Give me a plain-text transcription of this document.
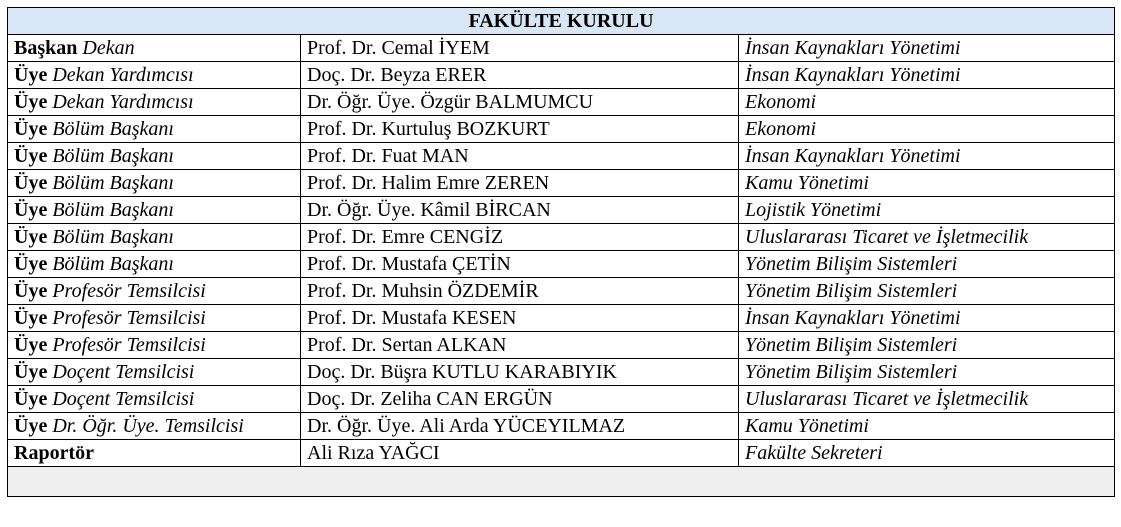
FAKÜLTE KURULU		
Başkan Dekan	Prof. Dr. Cemal İYEM	İnsan Kaynakları Yönetimi
Üye Dekan Yardımcısı	Doç. Dr. Beyza ERER	İnsan Kaynakları Yönetimi
Üye Dekan Yardımcısı	Dr. Öğr. Üye. Özgür BALMUMCU	Ekonomi
Üye Bölüm Başkanı	Prof. Dr. Kurtuluş BOZKURT	Ekonomi
Üye Bölüm Başkanı	Prof. Dr. Fuat MAN	İnsan Kaynakları Yönetimi
Üye Bölüm Başkanı	Prof. Dr. Halim Emre ZEREN	Kamu Yönetimi
Üye Bölüm Başkanı	Dr. Öğr. Üye. Kâmil BİRCAN	Lojistik Yönetimi
Üye Bölüm Başkanı	Prof. Dr. Emre CENGİZ	Uluslararası Ticaret ve İşletmecilik
Üye Bölüm Başkanı	Prof. Dr. Mustafa ÇETİN	Yönetim Bilişim Sistemleri
Üye Profesör Temsilcisi	Prof. Dr. Muhsin ÖZDEMİR	Yönetim Bilişim Sistemleri
Üye Profesör Temsilcisi	Prof. Dr. Mustafa KESEN	İnsan Kaynakları Yönetimi
Üye Profesör Temsilcisi	Prof. Dr. Sertan ALKAN	Yönetim Bilişim Sistemleri
Üye Doçent Temsilcisi	Doç. Dr. Büşra KUTLU KARABIYIK	Yönetim Bilişim Sistemleri
Üye Doçent Temsilcisi	Doç. Dr. Zeliha CAN ERGÜN	Uluslararası Ticaret ve İşletmecilik
Üye Dr. Öğr. Üye. Temsilcisi	Dr. Öğr. Üye. Ali Arda YÜCEYILMAZ	Kamu Yönetimi
Raportör	Ali Rıza YAĞCI	Fakülte Sekreteri
